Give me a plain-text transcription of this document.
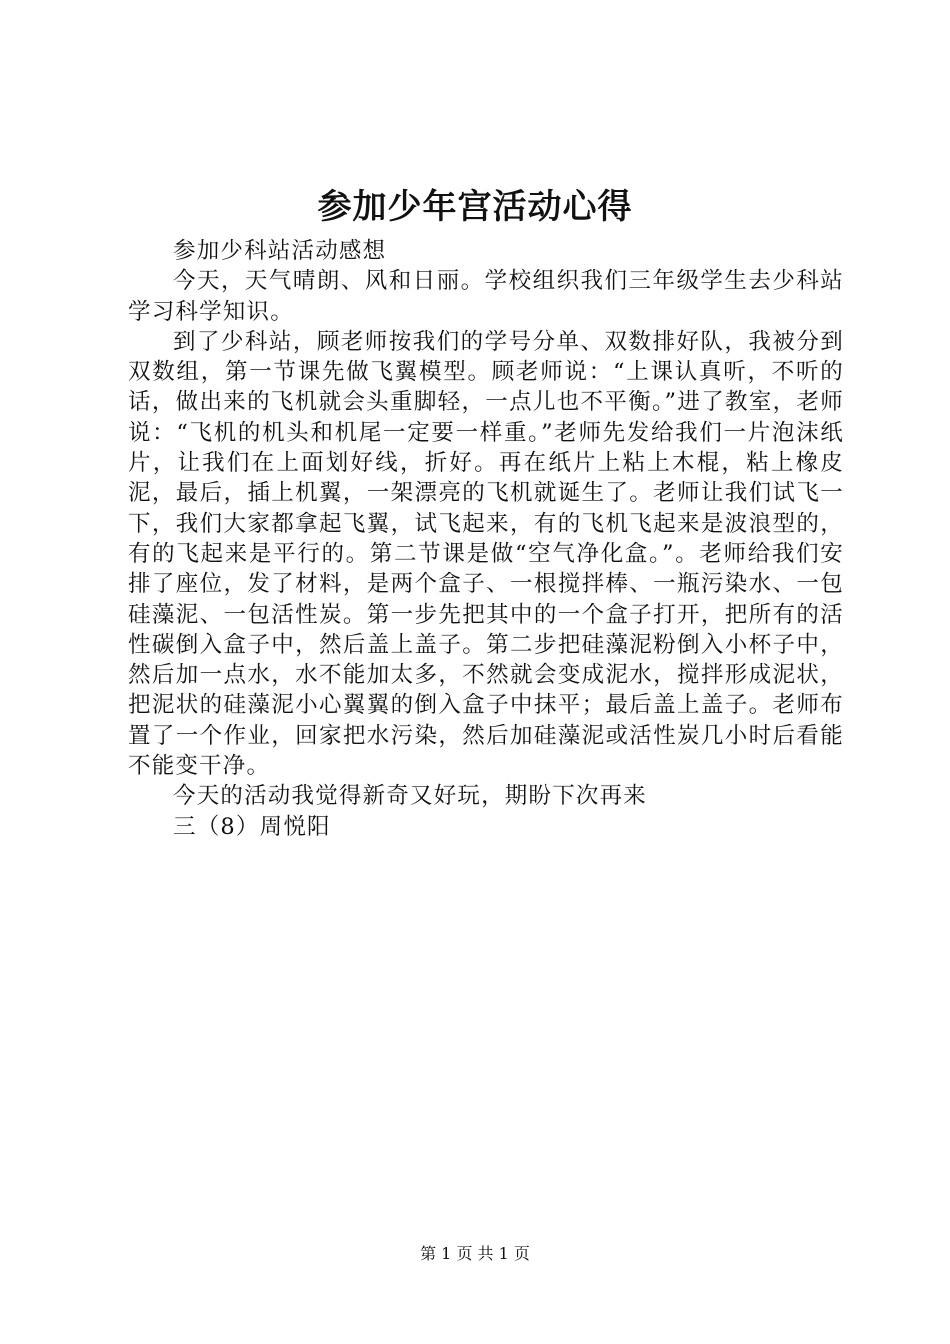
参加少年宫活动心得

参加少科站活动感想

今天，天气晴朗、风和日丽。学校组织我们三年级学生去少科站学习科学知识。

到了少科站，顾老师按我们的学号分单、双数排好队，我被分到双数组，第一节课先做飞翼模型。顾老师说：“上课认真听，不听的话，做出来的飞机就会头重脚轻，一点儿也不平衡。”进了教室，老师说：“飞机的机头和机尾一定要一样重。”老师先发给我们一片泡沫纸片，让我们在上面划好线，折好。再在纸片上粘上木棍，粘上橡皮泥，最后，插上机翼，一架漂亮的飞机就诞生了。老师让我们试飞一下，我们大家都拿起飞翼，试飞起来，有的飞机飞起来是波浪型的，有的飞起来是平行的。第二节课是做“空气净化盒。”。老师给我们安排了座位，发了材料，是两个盒子、一根搅拌棒、一瓶污染水、一包硅藻泥、一包活性炭。第一步先把其中的一个盒子打开，把所有的活性碳倒入盒子中，然后盖上盖子。第二步把硅藻泥粉倒入小杯子中，然后加一点水，水不能加太多，不然就会变成泥水，搅拌形成泥状，把泥状的硅藻泥小心翼翼的倒入盒子中抹平；最后盖上盖子。老师布置了一个作业，回家把水污染，然后加硅藻泥或活性炭几小时后看能不能变干净。

今天的活动我觉得新奇又好玩，期盼下次再来

三（8）周悦阳

第 1 页 共 1 页
